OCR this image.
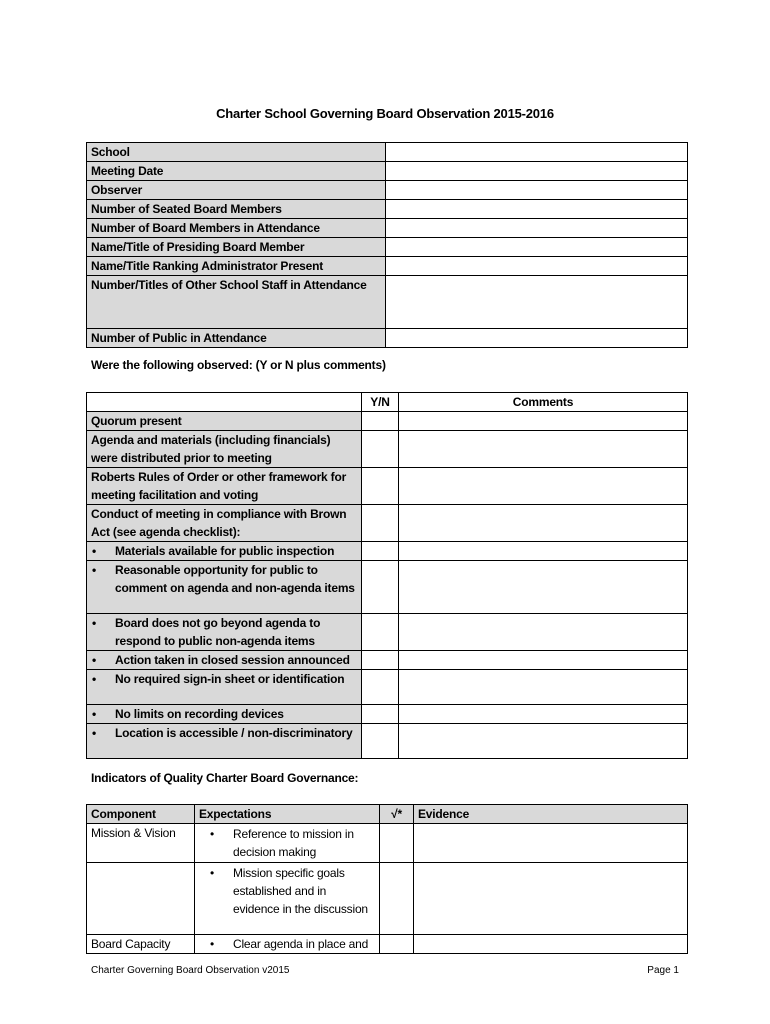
Charter School Governing Board Observation 2015-2016
School	
Meeting Date	
Observer	
Number of Seated Board Members	
Number of Board Members in Attendance	
Name/Title of Presiding Board Member	
Name/Title Ranking Administrator Present	
Number/Titles of Other School Staff in Attendance	
Number of Public in Attendance	
Were the following observed: (Y or N plus comments)
	Y/N	Comments
Quorum present		
Agenda and materials (including financials) were distributed prior to meeting		
Roberts Rules of Order or other framework for meeting facilitation and voting		
Conduct of meeting in compliance with Brown Act (see agenda checklist):		

• Materials available for public inspection		

• Reasonable opportunity for public to comment on agenda and non-agenda items		

• Board does not go beyond agenda to respond to public non-agenda items		

• Action taken in closed session announced		

• No required sign-in sheet or identification		

• No limits on recording devices		

• Location is accessible / non-discriminatory		

Indicators of Quality Charter Board Governance:
Component	Expectations	√*	Evidence
Mission & Vision	• Reference to mission in decision making		

	• Mission specific goals established and in evidence in the discussion		

Board Capacity	• Clear agenda in place and		

Charter Governing Board Observation v2015	Page 1
